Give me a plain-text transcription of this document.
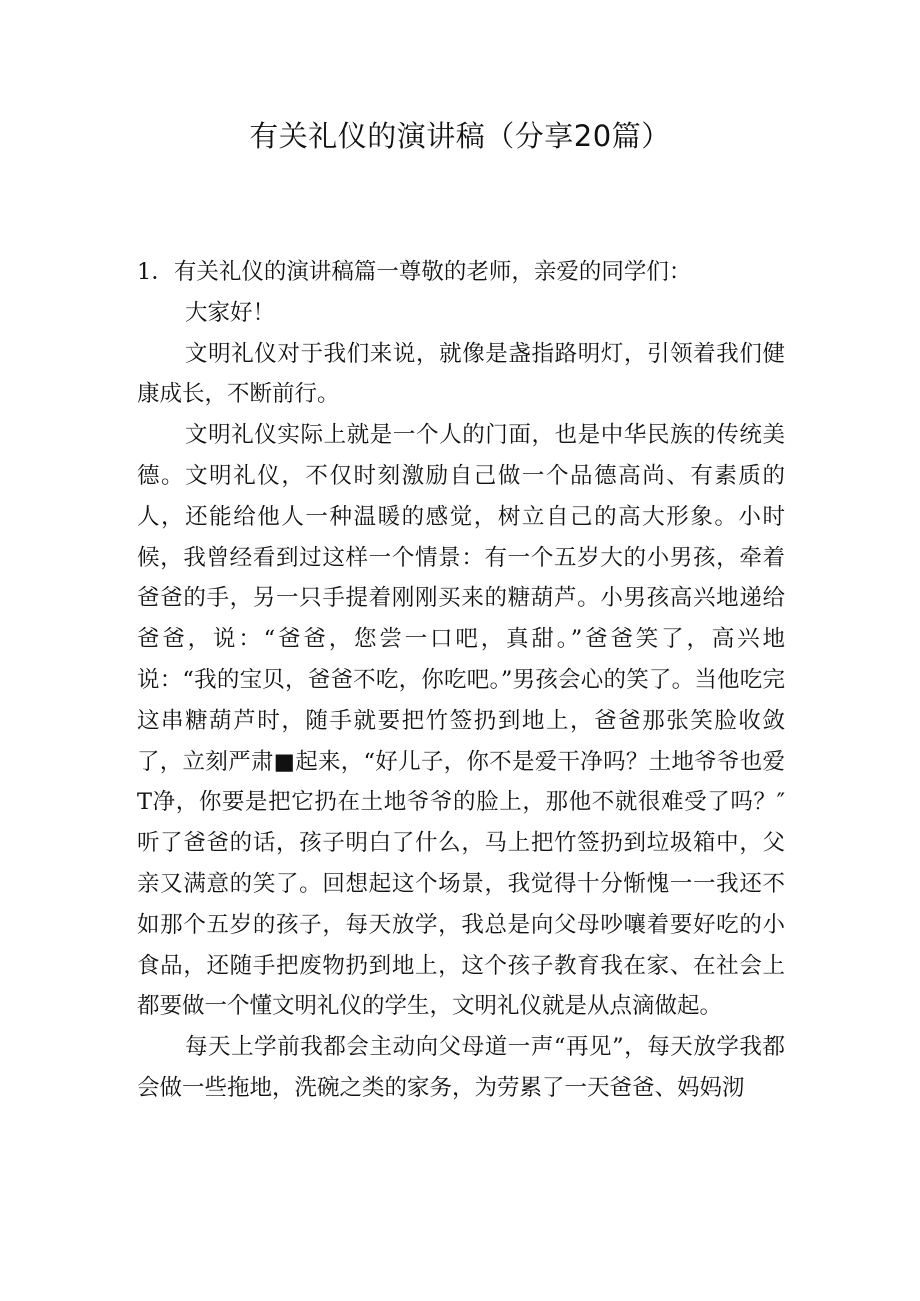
有关礼仪的演讲稿（分享20篇）

1．有关礼仪的演讲稿篇一尊敬的老师，亲爱的同学们：

大家好！

文明礼仪对于我们来说，就像是盏指路明灯，引领着我们健康成长，不断前行。

文明礼仪实际上就是一个人的门面，也是中华民族的传统美德。文明礼仪，不仅时刻激励自己做一个品德高尚、有素质的人，还能给他人一种温暖的感觉，树立自己的高大形象。小时候，我曾经看到过这样一个情景：有一个五岁大的小男孩，牵着爸爸的手，另一只手提着刚刚买来的糖葫芦。小男孩高兴地递给爸爸，说：“爸爸，您尝一口吧，真甜。”爸爸笑了，高兴地说：“我的宝贝，爸爸不吃，你吃吧。”男孩会心的笑了。当他吃完这串糖葫芦时，随手就要把竹签扔到地上，爸爸那张笑脸收敛了，立刻严肃■起来，“好儿子，你不是爱干净吗？土地爷爷也爱T净，你要是把它扔在土地爷爷的脸上，那他不就很难受了吗？″听了爸爸的话，孩子明白了什么，马上把竹签扔到垃圾箱中，父亲又满意的笑了。回想起这个场景，我觉得十分惭愧一一我还不如那个五岁的孩子，每天放学，我总是向父母吵嚷着要好吃的小食品，还随手把废物扔到地上，这个孩子教育我在家、在社会上都要做一个懂文明礼仪的学生，文明礼仪就是从点滴做起。

每天上学前我都会主动向父母道一声“再见”，每天放学我都会做一些拖地，洗碗之类的家务，为劳累了一天爸爸、妈妈沏
